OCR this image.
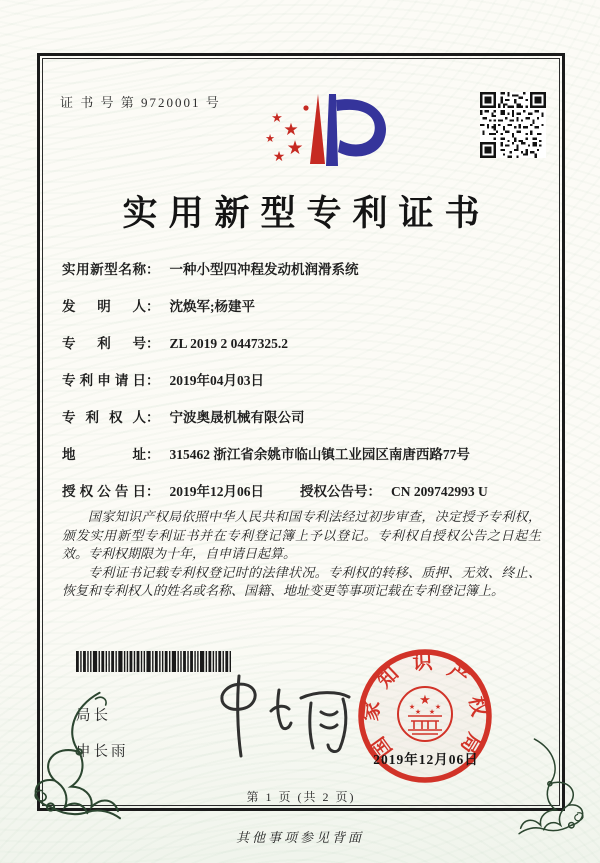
证 书 号 第 9720001 号
★
★
★ ★
★
实用新型专利证书
实用新型名称： 一种小型四冲程发动机润滑系统
发明人： 沈焕军;杨建平
专利号： ZL 2019 2 0447325.2
专利申请日： 2019年04月03日
专利权人： 宁波奥晟机械有限公司
地址： 315462 浙江省余姚市临山镇工业园区南唐西路77号
授权公告日： 2019年12月06日	授权公告号： CN 209742993 U

国家知识产权局依照中华人民共和国专利法经过初步审查，决定授予专利权，颁发实用新型专利证书并在专利登记簿上予以登记。专利权自授权公告之日起生效。专利权期限为十年，自申请日起算。

专利证书记载专利权登记时的法律状况。专利权的转移、质押、无效、终止、恢复和专利权人的姓名或名称、国籍、地址变更等事项记载在专利登记簿上。

局长
申长雨	国家知识产权局
★
★
★ ★
★
2019年12月06日
第 1 页 (共 2 页)
其他事项参见背面
